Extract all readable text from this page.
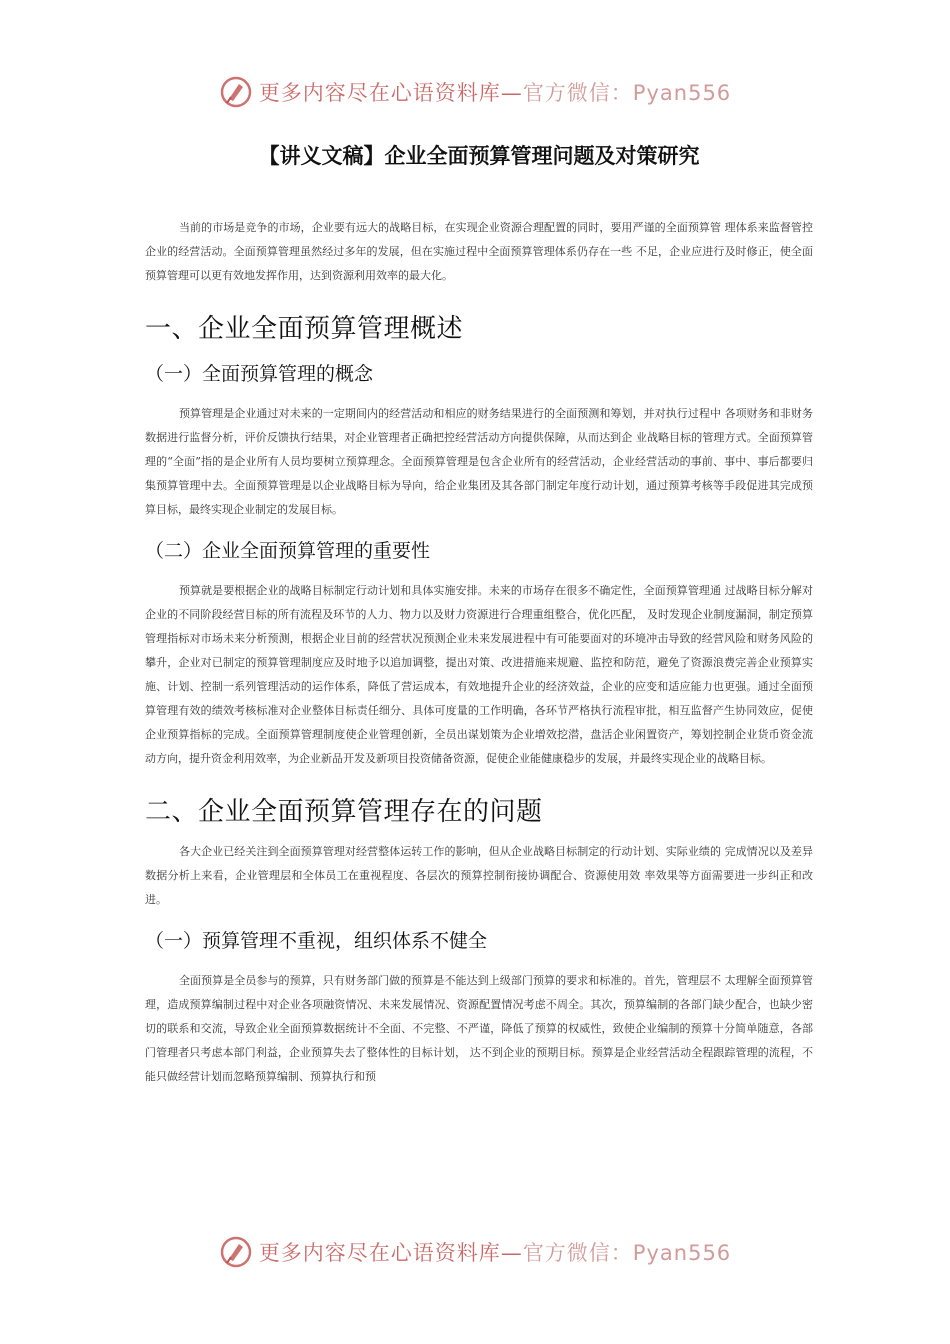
更多内容尽在心语资料库—官方微信：Pyan556
【讲义文稿】企业全面预算管理问题及对策研究

当前的市场是竞争的市场，企业要有远大的战略目标，在实现企业资源合理配置的同时，要用严谨的全面预算管 理体系来监督管控企业的经营活动。全面预算管理虽然经过多年的发展，但在实施过程中全面预算管理体系仍存在一些 不足，企业应进行及时修正，使全面预算管理可以更有效地发挥作用，达到资源利用效率的最大化。

一、企业全面预算管理概述
（一）全面预算管理的概念

预算管理是企业通过对未来的一定期间内的经营活动和相应的财务结果进行的全面预测和筹划，并对执行过程中 各项财务和非财务数据进行监督分析，评价反馈执行结果，对企业管理者正确把控经营活动方向提供保障，从而达到企 业战略目标的管理方式。全面预算管理的“全面”指的是企业所有人员均要树立预算理念。全面预算管理是包含企业所有的经营活动，企业经营活动的事前、事中、事后都要归集预算管理中去。全面预算管理是以企业战略目标为导向，给企业集团及其各部门制定年度行动计划，通过预算考核等手段促进其完成预算目标，最终实现企业制定的发展目标。

（二）企业全面预算管理的重要性

预算就是要根据企业的战略目标制定行动计划和具体实施安排。未来的市场存在很多不确定性，全面预算管理通 过战略目标分解对企业的不同阶段经营目标的所有流程及环节的人力、物力以及财力资源进行合理重组整合，优化匹配， 及时发现企业制度漏洞，制定预算管理指标对市场未来分析预测，根据企业目前的经营状况预测企业未来发展进程中有可能要面对的环境冲击导致的经营风险和财务风险的攀升，企业对已制定的预算管理制度应及时地予以追加调整，提出对策、改进措施来规避、监控和防范，避免了资源浪费完善企业预算实施、计划、控制一系列管理活动的运作体系，降低了营运成本，有效地提升企业的经济效益，企业的应变和适应能力也更强。通过全面预算管理有效的绩效考核标准对企业整体目标责任细分、具体可度量的工作明确，各环节严格执行流程审批，相互监督产生协同效应，促使企业预算指标的完成。全面预算管理制度使企业管理创新，全员出谋划策为企业增效挖潜，盘活企业闲置资产，筹划控制企业货币资金流动方向，提升资金利用效率，为企业新品开发及新项目投资储备资源，促使企业能健康稳步的发展，并最终实现企业的战略目标。

二、企业全面预算管理存在的问题

各大企业已经关注到全面预算管理对经营整体运转工作的影响，但从企业战略目标制定的行动计划、实际业绩的 完成情况以及差异数据分析上来看，企业管理层和全体员工在重视程度、各层次的预算控制衔接协调配合、资源使用效 率效果等方面需要进一步纠正和改进。

（一）预算管理不重视，组织体系不健全

全面预算是全员参与的预算，只有财务部门做的预算是不能达到上级部门预算的要求和标准的。首先，管理层不 太理解全面预算管理，造成预算编制过程中对企业各项融资情况、未来发展情况、资源配置情况考虑不周全。其次，预算编制的各部门缺少配合，也缺少密切的联系和交流，导致企业全面预算数据统计不全面、不完整、不严谨，降低了预算的权威性，致使企业编制的预算十分简单随意，各部门管理者只考虑本部门利益，企业预算失去了整体性的目标计划， 达不到企业的预期目标。预算是企业经营活动全程跟踪管理的流程，不能只做经营计划而忽略预算编制、预算执行和预

更多内容尽在心语资料库—官方微信：Pyan556
